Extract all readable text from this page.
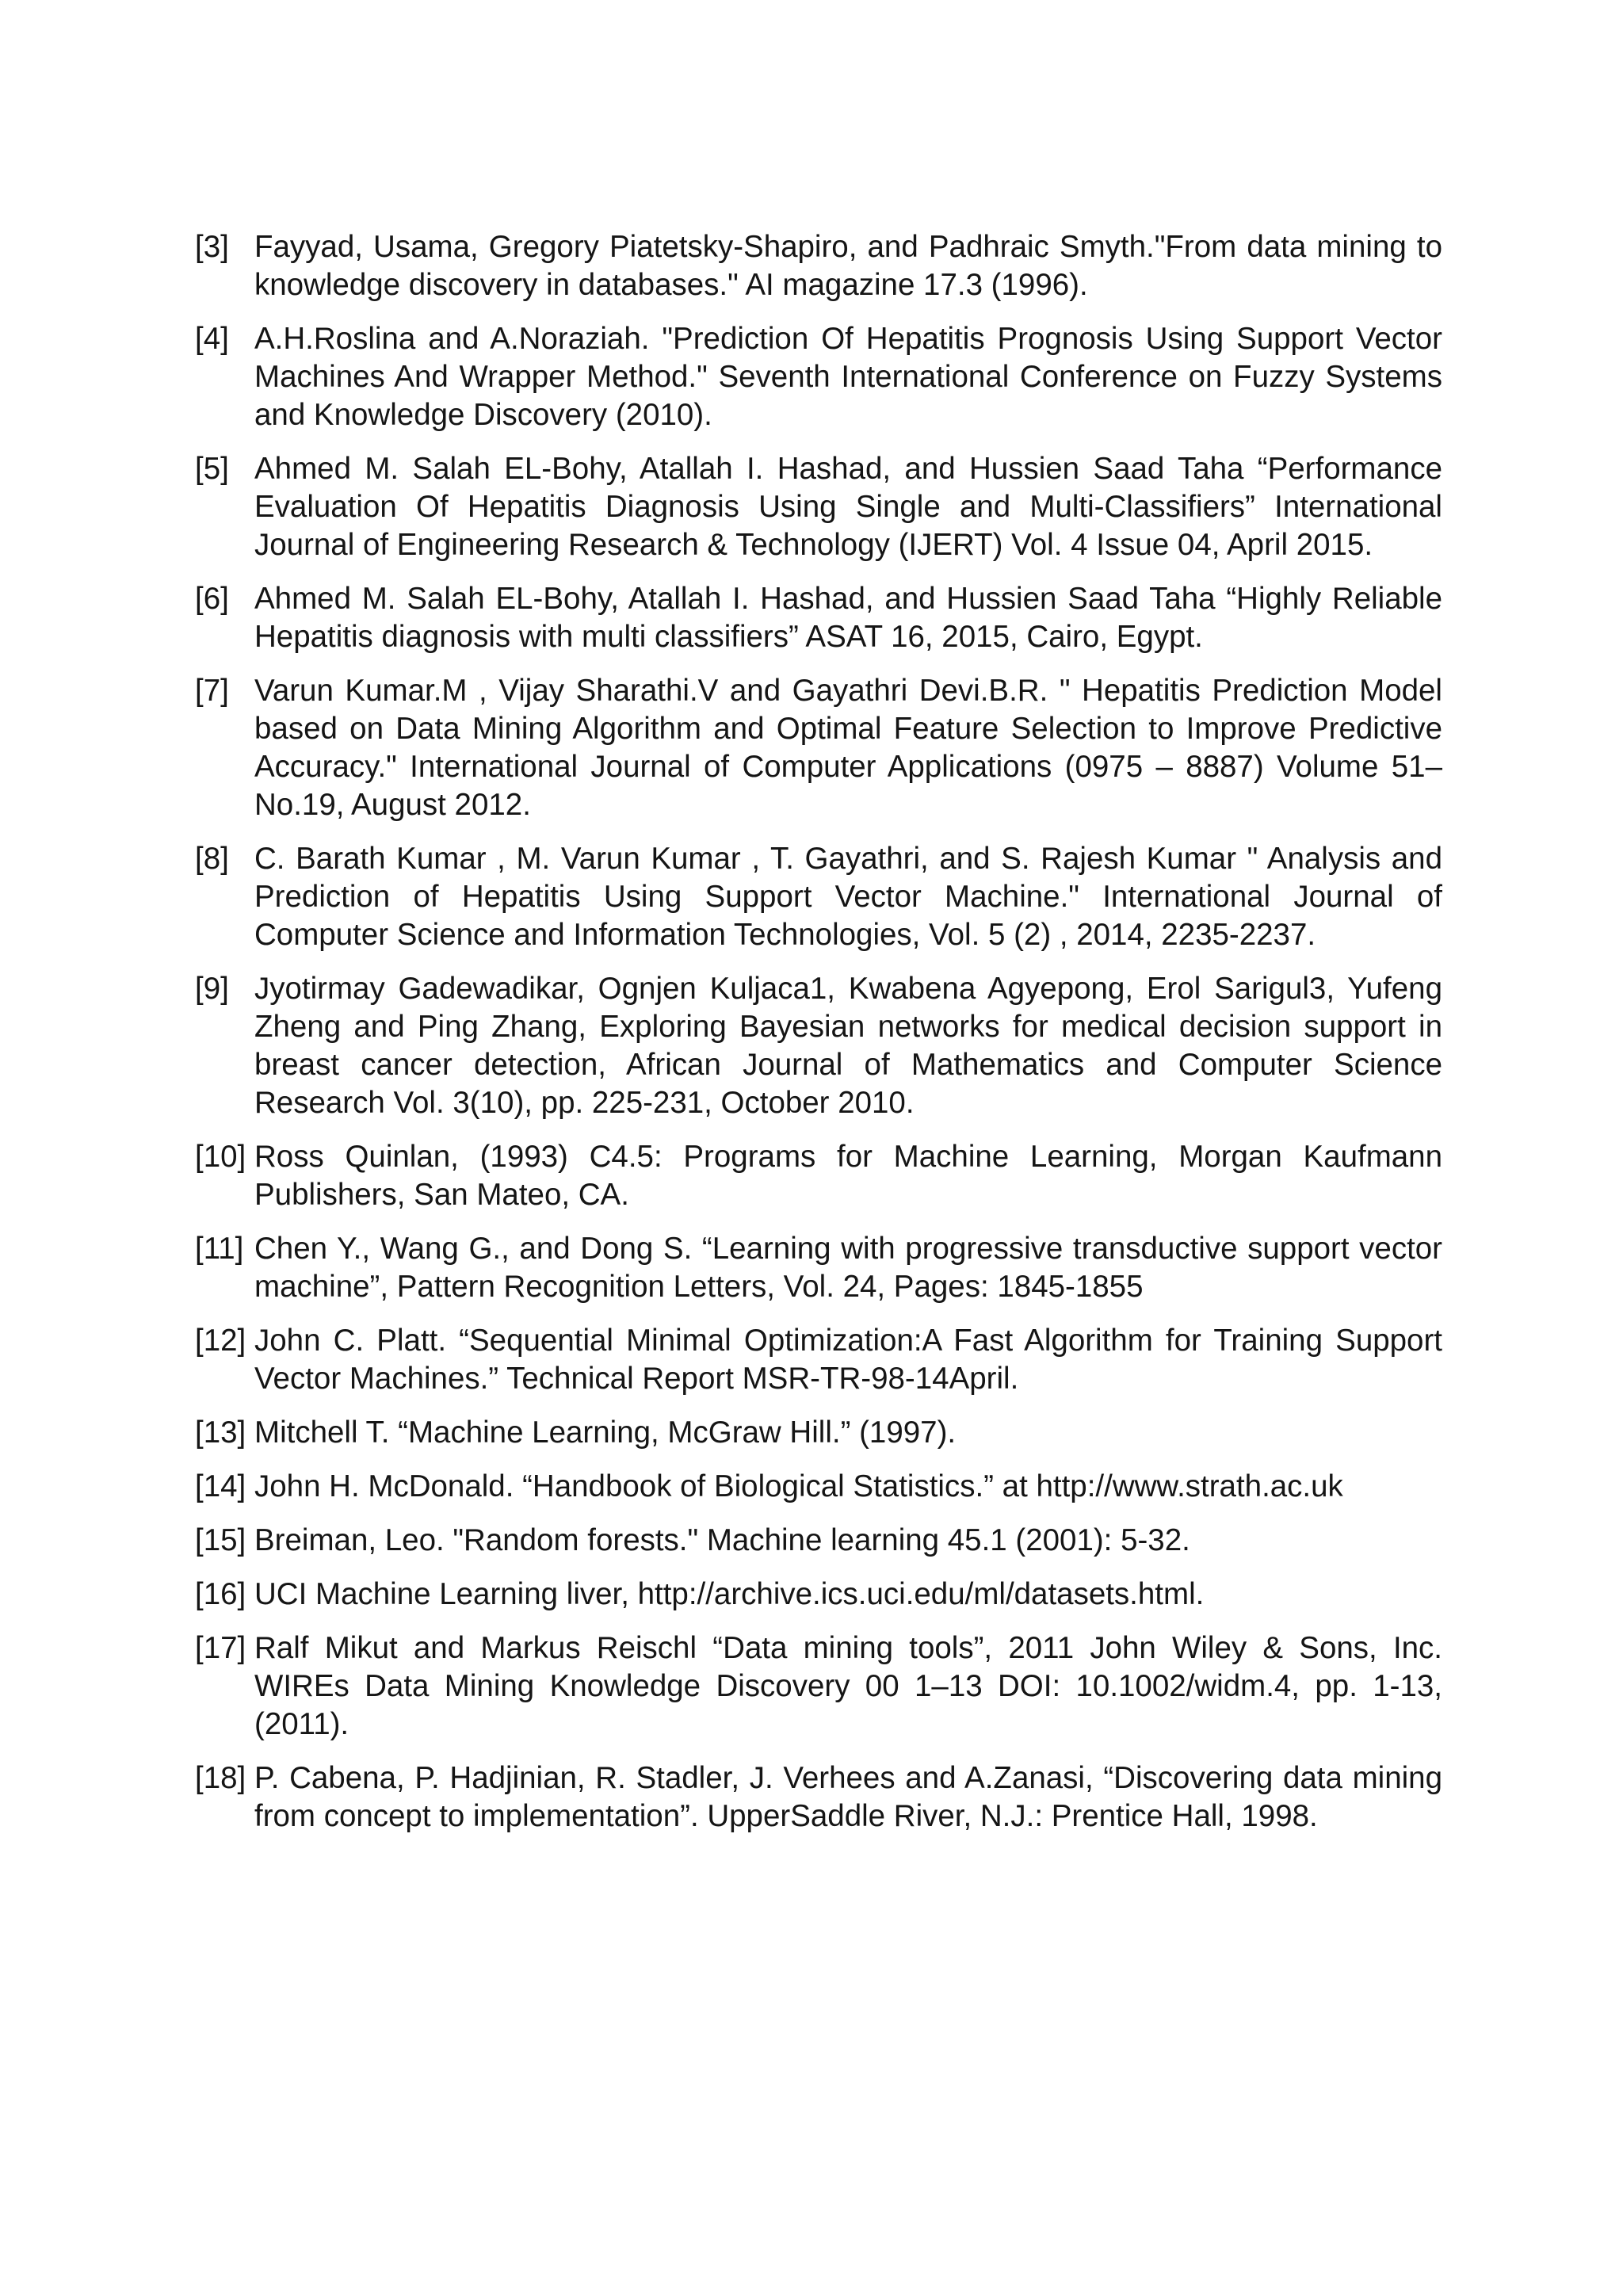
[3] Fayyad, Usama, Gregory Piatetsky-Shapiro, and Padhraic Smyth."From data mining to knowledge discovery in databases." AI magazine 17.3 (1996).
[4] A.H.Roslina and A.Noraziah. "Prediction Of Hepatitis Prognosis Using Support Vector Machines And Wrapper Method." Seventh International Conference on Fuzzy Systems and Knowledge Discovery (2010).
[5] Ahmed M. Salah EL-Bohy, Atallah I. Hashad, and Hussien Saad Taha “Performance Evaluation Of Hepatitis Diagnosis Using Single and Multi-Classifiers” International Journal of Engineering Research & Technology (IJERT) Vol. 4 Issue 04, April 2015.
[6] Ahmed M. Salah EL-Bohy, Atallah I. Hashad, and Hussien Saad Taha “Highly Reliable Hepatitis diagnosis with multi classifiers” ASAT 16, 2015, Cairo, Egypt.
[7] Varun Kumar.M , Vijay Sharathi.V and Gayathri Devi.B.R. " Hepatitis Prediction Model based on Data Mining Algorithm and Optimal Feature Selection to Improve Predictive Accuracy." International Journal of Computer Applications (0975 – 8887) Volume 51– No.19, August 2012.
[8] C. Barath Kumar , M. Varun Kumar , T. Gayathri, and S. Rajesh Kumar " Analysis and Prediction of Hepatitis Using Support Vector Machine." International Journal of Computer Science and Information Technologies, Vol. 5 (2) , 2014, 2235-2237.
[9] Jyotirmay Gadewadikar, Ognjen Kuljaca1, Kwabena Agyepong, Erol Sarigul3, Yufeng Zheng and Ping Zhang, Exploring Bayesian networks for medical decision support in breast cancer detection, African Journal of Mathematics and Computer Science Research Vol. 3(10), pp. 225-231, October 2010.
[10] Ross Quinlan, (1993) C4.5: Programs for Machine Learning, Morgan Kaufmann Publishers, San Mateo, CA.
[11] Chen Y., Wang G., and Dong S. “Learning with progressive transductive support vector machine”, Pattern Recognition Letters, Vol. 24, Pages: 1845-1855
[12] John C. Platt. “Sequential Minimal Optimization:A Fast Algorithm for Training Support Vector Machines.” Technical Report MSR-TR-98-14April.
[13] Mitchell T. “Machine Learning, McGraw Hill.” (1997).
[14] John H. McDonald. “Handbook of Biological Statistics.” at http://www.strath.ac.uk
[15] Breiman, Leo. "Random forests." Machine learning 45.1 (2001): 5-32.
[16] UCI Machine Learning liver, http://archive.ics.uci.edu/ml/datasets.html.
[17] Ralf Mikut and Markus Reischl “Data mining tools”, 2011 John Wiley & Sons, Inc. WIREs Data Mining Knowledge Discovery 00 1–13 DOI: 10.1002/widm.4, pp. 1-13, (2011).
[18] P. Cabena, P. Hadjinian, R. Stadler, J. Verhees and A.Zanasi, “Discovering data mining from concept to implementation”. UpperSaddle River, N.J.: Prentice Hall, 1998.
